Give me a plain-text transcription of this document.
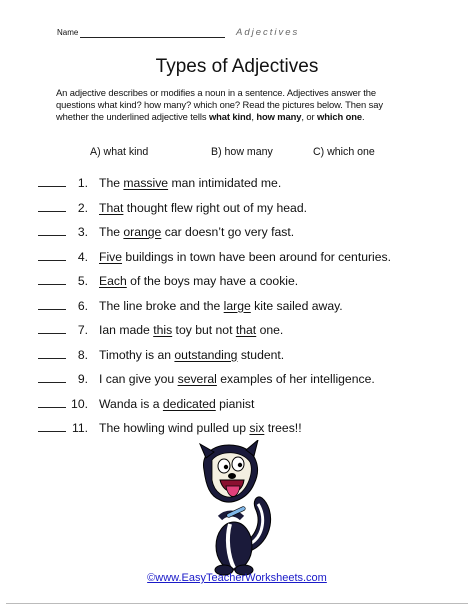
Name	Adjectives
Types of Adjectives
An adjective describes or modifies a noun in a sentence. Adjectives answer the
questions what kind? how many? which one? Read the pictures below. Then say
whether the underlined adjective tells what kind, how many, or which one.
A) what kind	B) how many	C) which one
1. The massive man intimidated me.
2. That thought flew right out of my head.
3. The orange car doesn’t go very fast.
4. Five buildings in town have been around for centuries.
5. Each of the boys may have a cookie.
6. The line broke and the large kite sailed away.
7. Ian made this toy but not that one.
8. Timothy is an outstanding student.
9. I can give you several examples of her intelligence.
10. Wanda is a dedicated pianist
11. The howling wind pulled up six trees!!
©www.EasyTeacherWorksheets.com
